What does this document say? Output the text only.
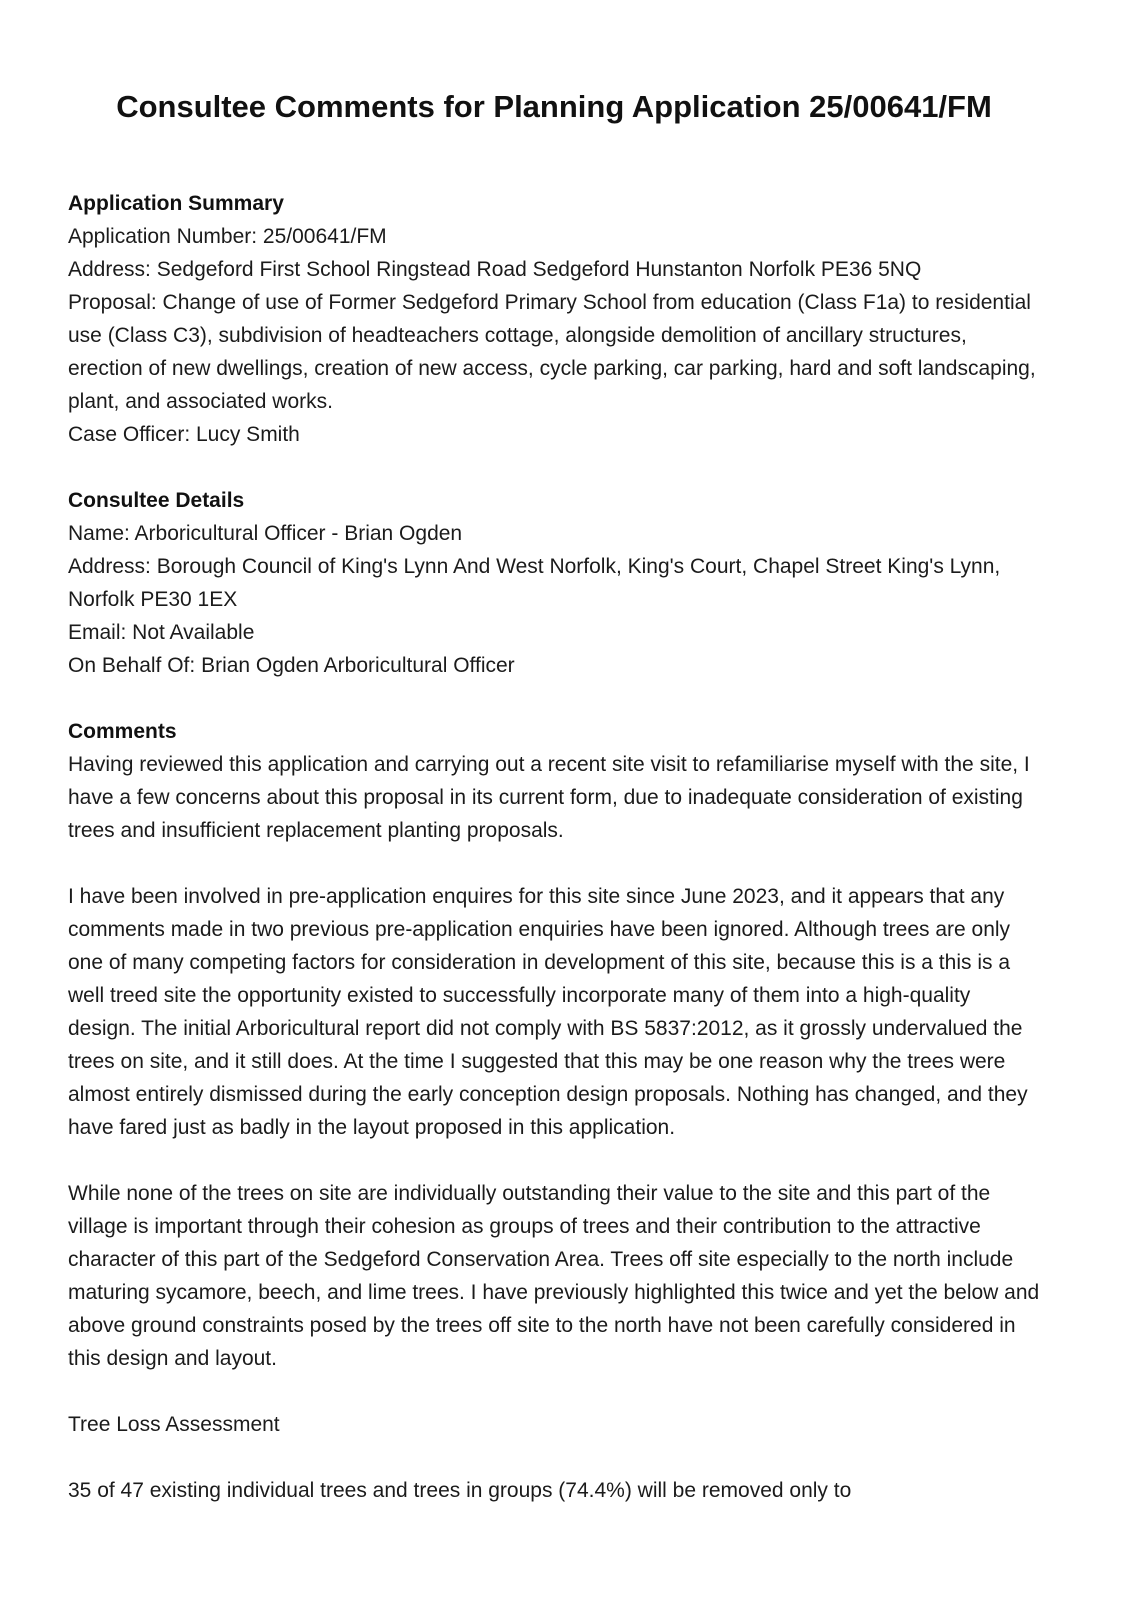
Consultee Comments for Planning Application 25/00641/FM

Application Summary

Application Number: 25/00641/FM

Address: Sedgeford First School Ringstead Road Sedgeford Hunstanton Norfolk PE36 5NQ

Proposal: Change of use of Former Sedgeford Primary School from education (Class F1a) to residential use (Class C3), subdivision of headteachers cottage, alongside demolition of ancillary structures, erection of new dwellings, creation of new access, cycle parking, car parking, hard and soft landscaping, plant, and associated works.

Case Officer: Lucy Smith

Consultee Details

Name: Arboricultural Officer - Brian Ogden

Address: Borough Council of King's Lynn And West Norfolk, King's Court, Chapel Street King's Lynn, Norfolk PE30 1EX

Email: Not Available

On Behalf Of: Brian Ogden Arboricultural Officer

Comments

Having reviewed this application and carrying out a recent site visit to refamiliarise myself with the site, I have a few concerns about this proposal in its current form, due to inadequate consideration of existing trees and insufficient replacement planting proposals.

I have been involved in pre-application enquires for this site since June 2023, and it appears that any comments made in two previous pre-application enquiries have been ignored. Although trees are only one of many competing factors for consideration in development of this site, because this is a this is a well treed site the opportunity existed to successfully incorporate many of them into a high-quality design. The initial Arboricultural report did not comply with BS 5837:2012, as it grossly undervalued the trees on site, and it still does. At the time I suggested that this may be one reason why the trees were almost entirely dismissed during the early conception design proposals. Nothing has changed, and they have fared just as badly in the layout proposed in this application.

While none of the trees on site are individually outstanding their value to the site and this part of the village is important through their cohesion as groups of trees and their contribution to the attractive character of this part of the Sedgeford Conservation Area. Trees off site especially to the north include maturing sycamore, beech, and lime trees. I have previously highlighted this twice and yet the below and above ground constraints posed by the trees off site to the north have not been carefully considered in this design and layout.

Tree Loss Assessment

35 of 47 existing individual trees and trees in groups (74.4%) will be removed only to
